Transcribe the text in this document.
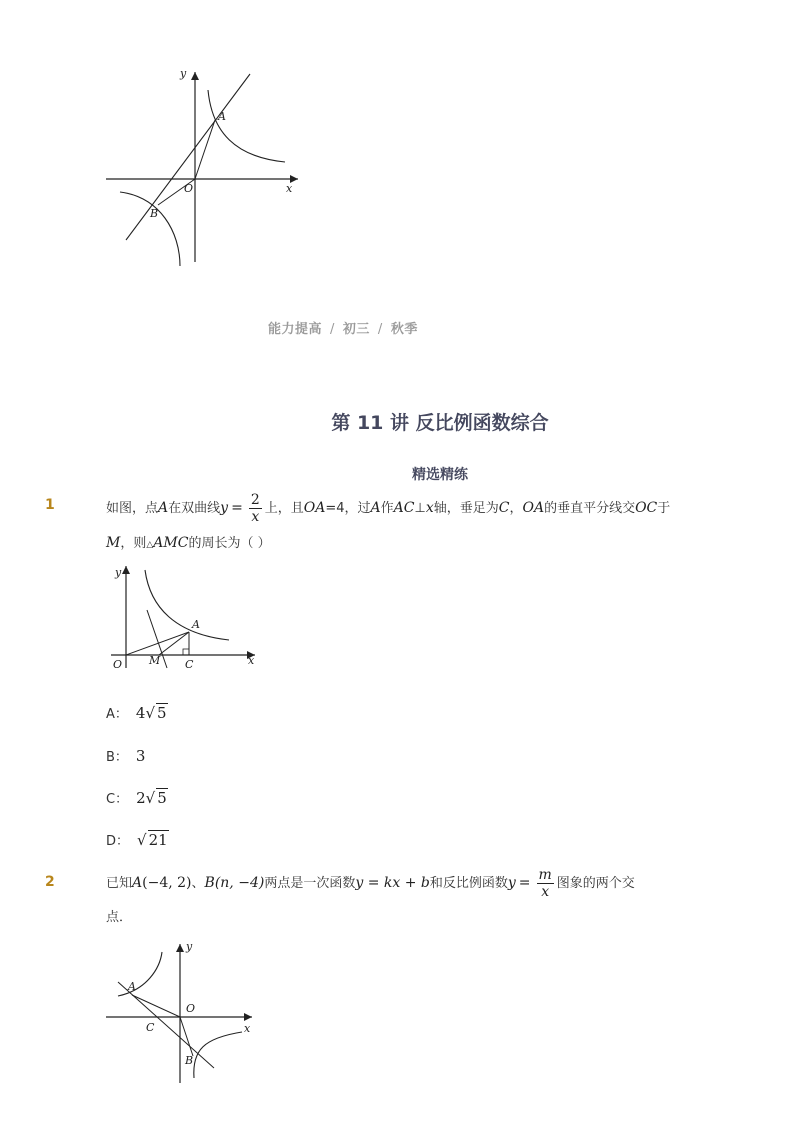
y
x
O
A
B
能力提高 / 初三 / 秋季
第 11 讲 反比例函数综合
精选精练
1	如图，点A在双曲线$y = \frac{2}{x}$ 上，且OA=4，过A作AC⊥x轴，垂足为C，OA的垂直平分线交OC于
M，则△AMC的周长为（ ）
y
x
O
A
M C
A： 4√ 5
B： 3
C： 2√ 5
D： √ 21
2	已知A(−4, 2)、B(n, −4)两点是一次函数y = kx + b和反比例函数$y = \frac{m}{x}$ 图象的两个交
点．
y
x
O
A
B
C
